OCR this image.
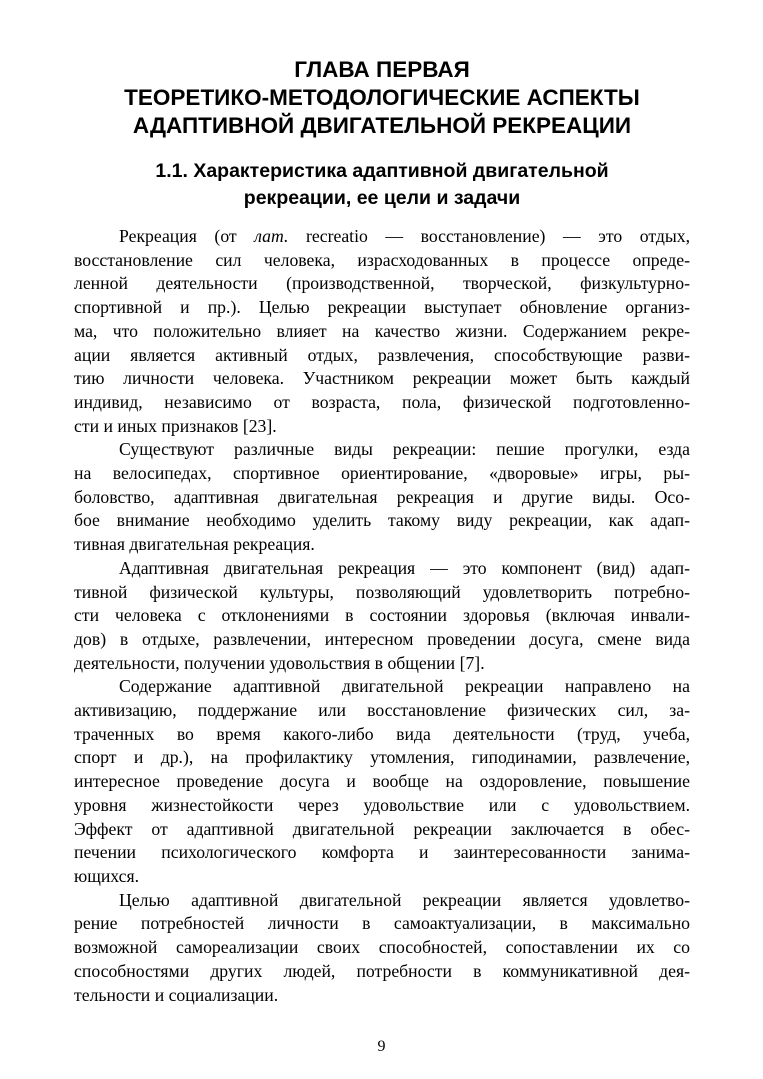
ГЛАВА ПЕРВАЯ
ТЕОРЕТИКО-МЕТОДОЛОГИЧЕСКИЕ АСПЕКТЫ
АДАПТИВНОЙ ДВИГАТЕЛЬНОЙ РЕКРЕАЦИИ
1.1. Характеристика адаптивной двигательной
рекреации, ее цели и задачи
Рекреация (от лат. recreatio — восстановление) — это отдых,
восстановление сил человека, израсходованных в процессе опреде-
ленной деятельности (производственной, творческой, физкультурно-
спортивной и пр.). Целью рекреации выступает обновление организ-
ма, что положительно влияет на качество жизни. Содержанием рекре-
ации является активный отдых, развлечения, способствующие разви-
тию личности человека. Участником рекреации может быть каждый
индивид, независимо от возраста, пола, физической подготовленно-
сти и иных признаков [23].
Существуют различные виды рекреации: пешие прогулки, езда
на велосипедах, спортивное ориентирование, «дворовые» игры, ры-
боловство, адаптивная двигательная рекреация и другие виды. Осо-
бое внимание необходимо уделить такому виду рекреации, как адап-
тивная двигательная рекреация.
Адаптивная двигательная рекреация — это компонент (вид) адап-
тивной физической культуры, позволяющий удовлетворить потребно-
сти человека с отклонениями в состоянии здоровья (включая инвали-
дов) в отдыхе, развлечении, интересном проведении досуга, смене вида
деятельности, получении удовольствия в общении [7].
Содержание адаптивной двигательной рекреации направлено на
активизацию, поддержание или восстановление физических сил, за-
траченных во время какого-либо вида деятельности (труд, учеба,
спорт и др.), на профилактику утомления, гиподинамии, развлечение,
интересное проведение досуга и вообще на оздоровление, повышение
уровня жизнестойкости через удовольствие или с удовольствием.
Эффект от адаптивной двигательной рекреации заключается в обес-
печении психологического комфорта и заинтересованности занима-
ющихся.
Целью адаптивной двигательной рекреации является удовлетво-
рение потребностей личности в самоактуализации, в максимально
возможной самореализации своих способностей, сопоставлении их со
способностями других людей, потребности в коммуникативной дея-
тельности и социализации.
9
